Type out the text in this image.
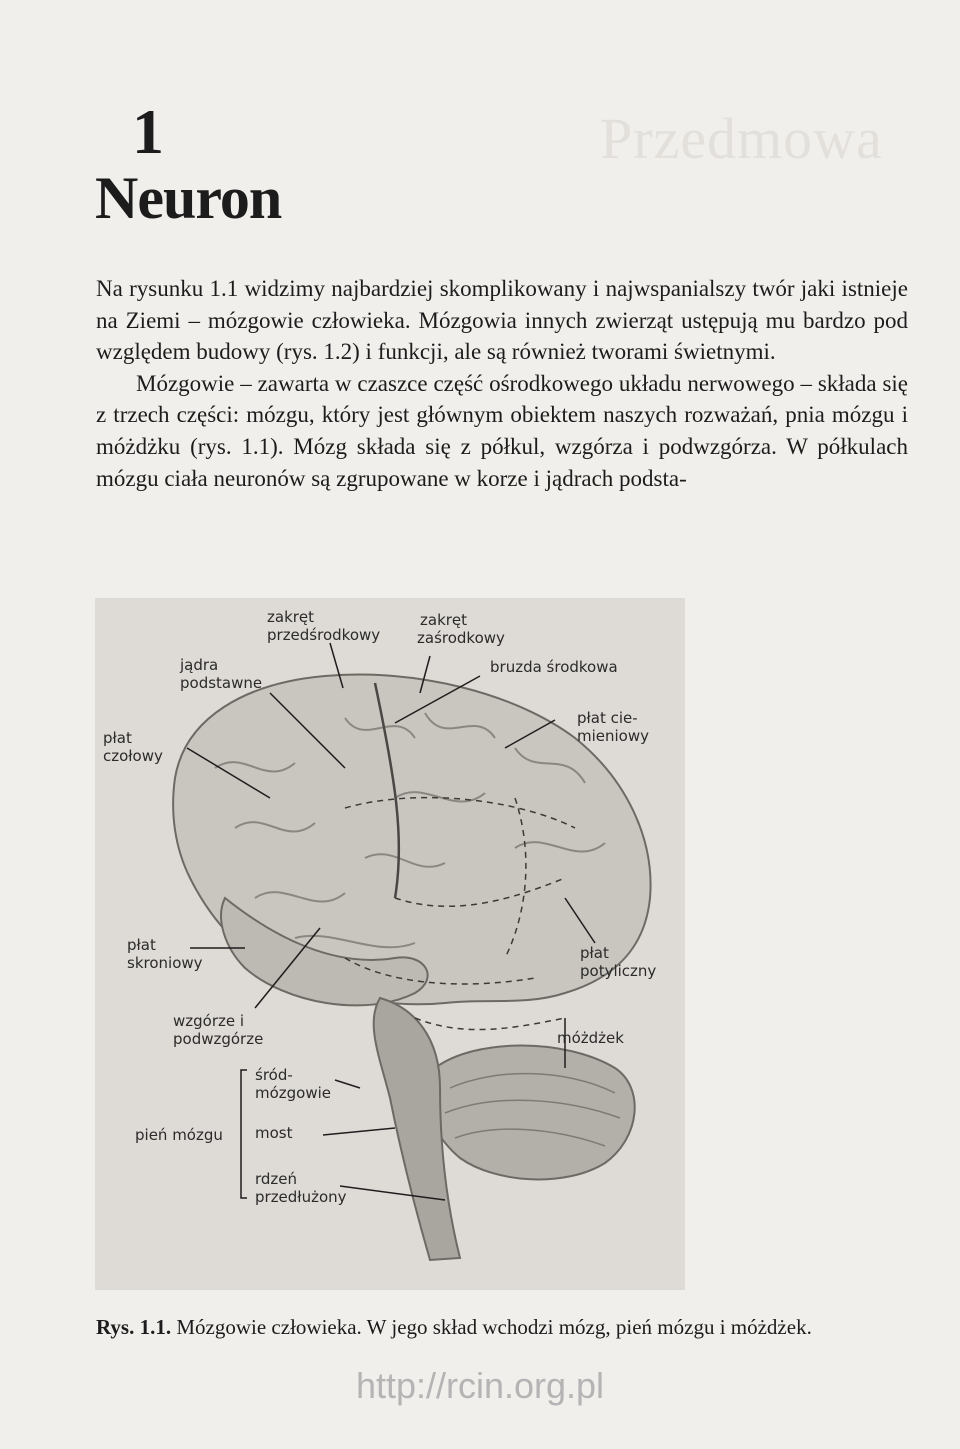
Przedmowa
1
Neuron

Na rysunku 1.1 widzimy najbardziej skomplikowany i najwspanialszy twór jaki istnieje na Ziemi – mózgowie człowieka. Mózgowia innych zwierząt ustępują mu bardzo pod względem budowy (rys. 1.2) i funkcji, ale są również tworami świetnymi.

Mózgowie – zawarta w czaszce część ośrodkowego układu nerwowego – składa się z trzech części: mózgu, który jest głównym obiektem naszych rozważań, pnia mózgu i móżdżku (rys. 1.1). Mózg składa się z półkul, wzgórza i podwzgórza. W półkulach mózgu ciała neuronów są zgrupowane w korze i jądrach podsta-

zakręt
przedśrodkowy
zakręt
zaśrodkowy
bruzda środkowa
jądra
podstawne
płat cie-
mieniowy
płat
czołowy
płat
skroniowy
płat
potyliczny
wzgórze i
podwzgórze	móżdżek
śród-
mózgowie
pień mózgu most
rdzeń
przedłużony
Rys. 1.1. Mózgowie człowieka. W jego skład wchodzi mózg, pień mózgu i móżdżek.
http://rcin.org.pl
